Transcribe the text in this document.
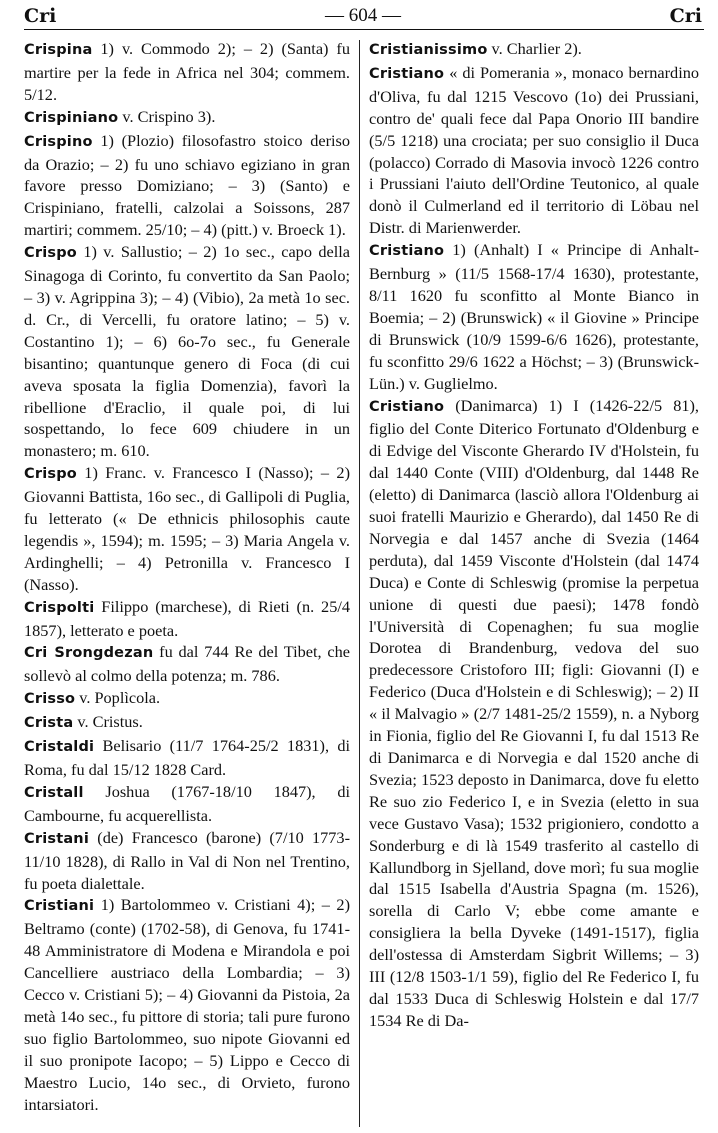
Cri	— 604 —	Cri

Crispina 1) v. Commodo 2); – 2) (Santa) fu martire per la fede in Africa nel 304; commem. 5/12.

Crispiniano v. Crispino 3).

Crispino 1) (Plozio) filosofastro stoico deriso da Orazio; – 2) fu uno schiavo egiziano in gran favore presso Domiziano; – 3) (Santo) e Crispiniano, fratelli, calzolai a Soissons, 287 martiri; commem. 25/10; – 4) (pitt.) v. Broeck 1).

Crispo 1) v. Sallustio; – 2) 1o sec., capo della Sinagoga di Corinto, fu convertito da San Paolo; – 3) v. Agrippina 3); – 4) (Vibio), 2a metà 1o sec. d. Cr., di Vercelli, fu oratore latino; – 5) v. Costantino 1); – 6) 6o-7o sec., fu Generale bisantino; quantunque genero di Foca (di cui aveva sposata la figlia Domenzia), favorì la ribellione d'Eraclio, il quale poi, di lui sospettando, lo fece 609 chiudere in un monastero; m. 610.

Crispo 1) Franc. v. Francesco I (Nasso); – 2) Giovanni Battista, 16o sec., di Gallipoli di Puglia, fu letterato (« De ethnicis philosophis caute legendis », 1594); m. 1595; – 3) Maria Angela v. Ardinghelli; – 4) Petronilla v. Francesco I (Nasso).

Crispolti Filippo (marchese), di Rieti (n. 25/4 1857), letterato e poeta.

Cri Srongdezan fu dal 744 Re del Tibet, che sollevò al colmo della potenza; m. 786.

Crisso v. Poplìcola.

Crista v. Cristus.

Cristaldi Belisario (11/7 1764-25/2 1831), di Roma, fu dal 15/12 1828 Card.

Cristall Joshua (1767-18/10 1847), di Cambourne, fu acquerellista.

Cristani (de) Francesco (barone) (7/10 1773-11/10 1828), di Rallo in Val di Non nel Trentino, fu poeta dialettale.

Cristiani 1) Bartolommeo v. Cristiani 4); – 2) Beltramo (conte) (1702-58), di Genova, fu 1741-48 Amministratore di Modena e Mirandola e poi Cancelliere austriaco della Lombardia; – 3) Cecco v. Cristiani 5); – 4) Giovanni da Pistoia, 2a metà 14o sec., fu pittore di storia; tali pure furono suo figlio Bartolommeo, suo nipote Giovanni ed il suo pronipote Iacopo; – 5) Lippo e Cecco di Maestro Lucio, 14o sec., di Orvieto, furono intarsiatori.

Cristianissimo v. Charlier 2).

Cristiano « di Pomerania », monaco bernardino d'Oliva, fu dal 1215 Vescovo (1o) dei Prussiani, contro de' quali fece dal Papa Onorio III bandire (5/5 1218) una crociata; per suo consiglio il Duca (polacco) Corrado di Masovia invocò 1226 contro i Prussiani l'aiuto dell'Ordine Teutonico, al quale donò il Culmerland ed il territorio di Löbau nel Distr. di Marienwerder.

Cristiano 1) (Anhalt) I « Principe di Anhalt-Bernburg » (11/5 1568-17/4 1630), protestante, 8/11 1620 fu sconfitto al Monte Bianco in Boemia; – 2) (Brunswick) « il Giovine » Principe di Brunswick (10/9 1599-6/6 1626), protestante, fu sconfitto 29/6 1622 a Höchst; – 3) (Brunswick-Lün.) v. Guglielmo.

Cristiano (Danimarca) 1) I (1426-22/5 81), figlio del Conte Diterico Fortunato d'Oldenburg e di Edvige del Visconte Gherardo IV d'Holstein, fu dal 1440 Conte (VIII) d'Oldenburg, dal 1448 Re (eletto) di Danimarca (lasciò allora l'Oldenburg ai suoi fratelli Maurizio e Gherardo), dal 1450 Re di Norvegia e dal 1457 anche di Svezia (1464 perduta), dal 1459 Visconte d'Holstein (dal 1474 Duca) e Conte di Schleswig (promise la perpetua unione di questi due paesi); 1478 fondò l'Università di Copenaghen; fu sua moglie Dorotea di Brandenburg, vedova del suo predecessore Cristoforo III; figli: Giovanni (I) e Federico (Duca d'Holstein e di Schleswig); – 2) II « il Malvagio » (2/7 1481-25/2 1559), n. a Nyborg in Fionia, figlio del Re Giovanni I, fu dal 1513 Re di Danimarca e di Norvegia e dal 1520 anche di Svezia; 1523 deposto in Danimarca, dove fu eletto Re suo zio Federico I, e in Svezia (eletto in sua vece Gustavo Vasa); 1532 prigioniero, condotto a Sonderburg e di là 1549 trasferito al castello di Kallundborg in Sjelland, dove morì; fu sua moglie dal 1515 Isabella d'Austria Spagna (m. 1526), sorella di Carlo V; ebbe come amante e consigliera la bella Dyveke (1491-1517), figlia dell'ostessa di Amsterdam Sigbrit Willems; – 3) III (12/8 1503-1/1 59), figlio del Re Federico I, fu dal 1533 Duca di Schleswig Holstein e dal 17/7 1534 Re di Da-
